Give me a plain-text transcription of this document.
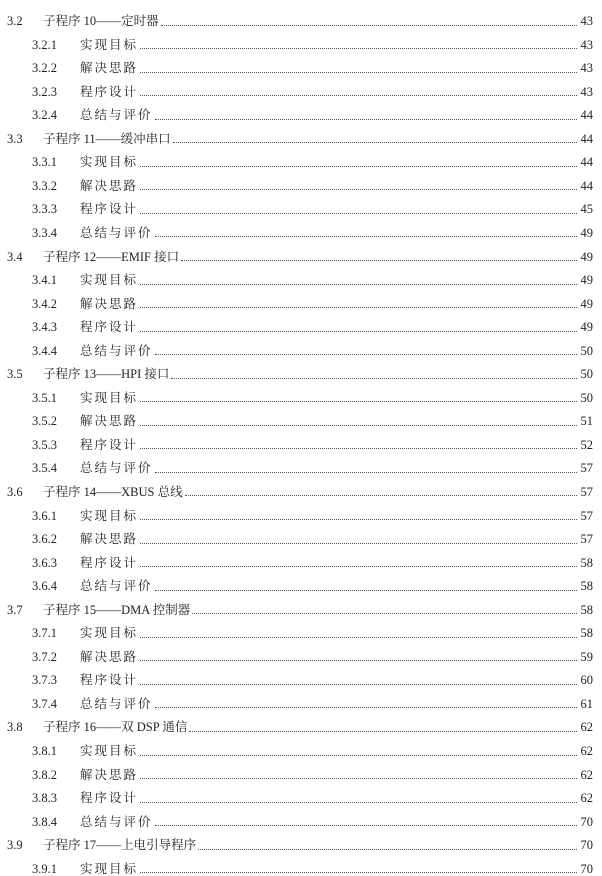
3.2	子程序 10——定时器	43
3.2.1	实现目标	43
3.2.2	解决思路	43
3.2.3	程序设计	43
3.2.4	总结与评价	44
3.3	子程序 11——缓冲串口	44
3.3.1	实现目标	44
3.3.2	解决思路	44
3.3.3	程序设计	45
3.3.4	总结与评价	49
3.4	子程序 12——EMIF 接口	49
3.4.1	实现目标	49
3.4.2	解决思路	49
3.4.3	程序设计	49
3.4.4	总结与评价	50
3.5	子程序 13——HPI 接口	50
3.5.1	实现目标	50
3.5.2	解决思路	51
3.5.3	程序设计	52
3.5.4	总结与评价	57
3.6	子程序 14——XBUS 总线	57
3.6.1	实现目标	57
3.6.2	解决思路	57
3.6.3	程序设计	58
3.6.4	总结与评价	58
3.7	子程序 15——DMA 控制器	58
3.7.1	实现目标	58
3.7.2	解决思路	59
3.7.3	程序设计	60
3.7.4	总结与评价	61
3.8	子程序 16——双 DSP 通信	62
3.8.1	实现目标	62
3.8.2	解决思路	62
3.8.3	程序设计	62
3.8.4	总结与评价	70
3.9	子程序 17——上电引导程序	70
3.9.1	实现目标	70
